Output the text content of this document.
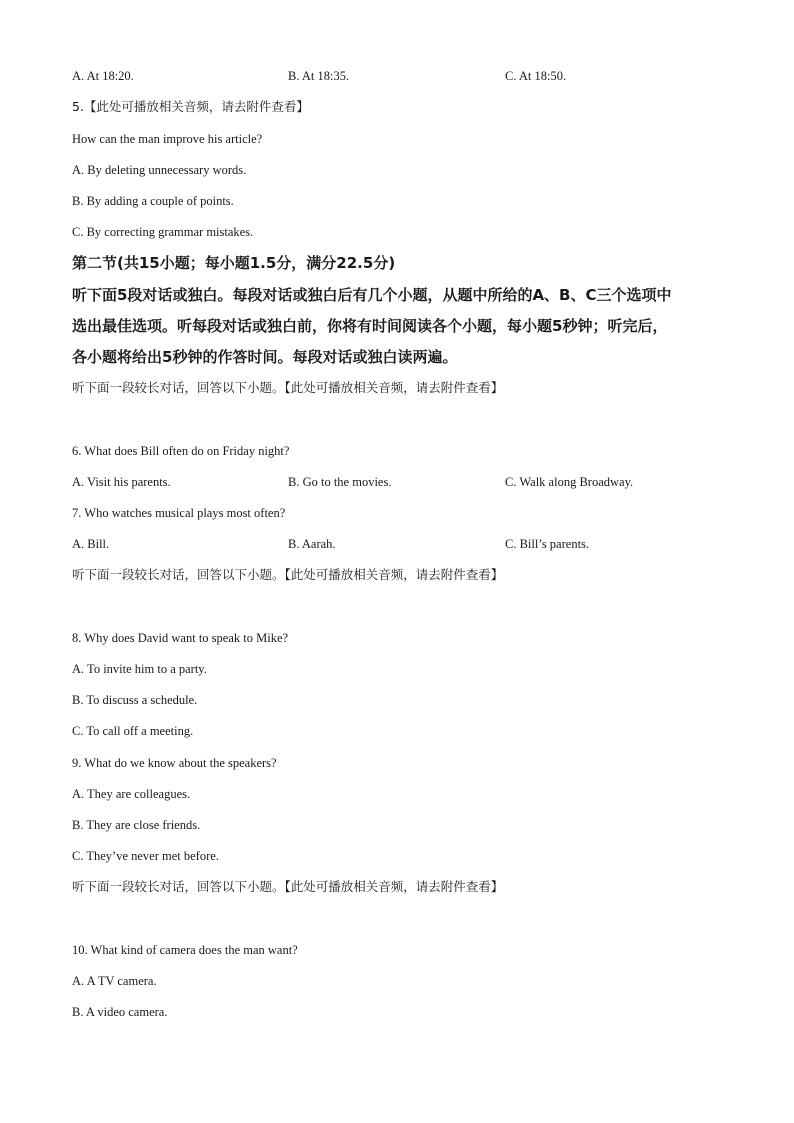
A. At 18:20.	B. At 18:35.	C. At 18:50.
5.【此处可播放相关音频，请去附件查看】
How can the man improve his article?
A. By deleting unnecessary words.
B. By adding a couple of points.
C. By correcting grammar mistakes.
第二节(共15小题；每小题1.5分，满分22.5分)
听下面5段对话或独白。每段对话或独白后有几个小题，从题中所给的A、B、C三个选项中
选出最佳选项。听每段对话或独白前，你将有时间阅读各个小题，每小题5秒钟；听完后，
各小题将给出5秒钟的作答时间。每段对话或独白读两遍。
听下面一段较长对话，回答以下小题。【此处可播放相关音频，请去附件查看】
6. What does Bill often do on Friday night?
A. Visit his parents.	B. Go to the movies.	C. Walk along Broadway.
7. Who watches musical plays most often?
A. Bill.	B. Aarah.	C. Bill’s parents.
听下面一段较长对话，回答以下小题。【此处可播放相关音频，请去附件查看】
8. Why does David want to speak to Mike?
A. To invite him to a party.
B. To discuss a schedule.
C. To call off a meeting.
9. What do we know about the speakers?
A. They are colleagues.
B. They are close friends.
C. They’ve never met before.
听下面一段较长对话，回答以下小题。【此处可播放相关音频，请去附件查看】
10. What kind of camera does the man want?
A. A TV camera.
B. A video camera.
